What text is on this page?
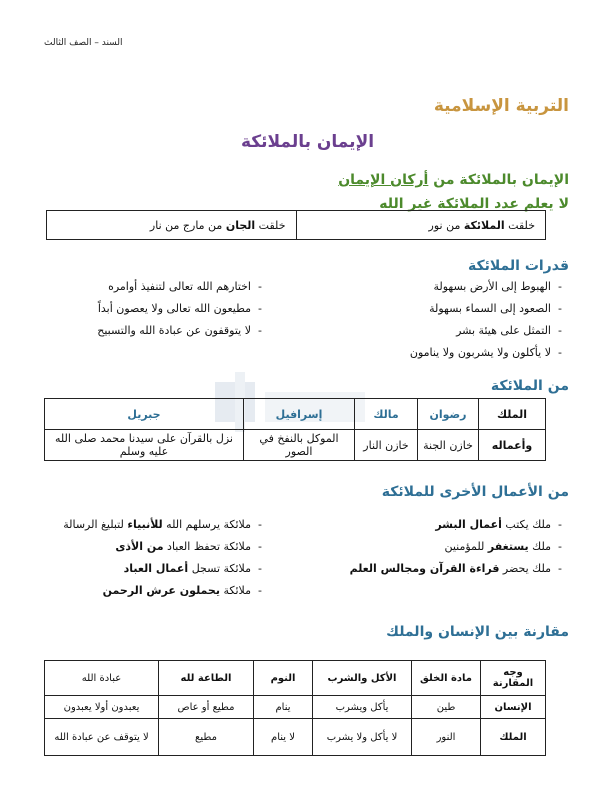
السند – الصف الثالث
التربية الإسلامية
الإيمان بالملائكة
الإيمان بالملائكة من أركان الإيمان
لا يعلم عدد الملائكة غير الله
خلقت الملائكة من نور	خلقت الجان من مارج من نار
قدرات الملائكة
-الهبوط إلى الأرض بسهولة
-الصعود إلى السماء بسهولة
-التمثل على هيئة بشر
-لا يأكلون ولا يشربون ولا ينامون
-اختارهم الله تعالى لتنفيذ أوامره
-مطيعون الله تعالى ولا يعصون أبداً
-لا يتوقفون عن عبادة الله والتسبيح
من الملائكة
الملك	رضوان	مالك	إسرافيل	جبريل
وأعماله	خازن الجنة	خازن النار	الموكل بالنفخ في الصور	نزل بالقرآن على سيدنا محمد صلى الله عليه وسلم
من الأعمال الأخرى للملائكة
-ملك يكتب أعمال البشر
-ملك يستغفر للمؤمنين
-ملك يحضر قراءة القرآن ومجالس العلم
-ملائكة يرسلهم الله للأنبياء لتبليغ الرسالة
-ملائكة تحفظ العباد من الأذى
-ملائكة تسجل أعمال العباد
-ملائكة يحملون عرش الرحمن
مقارنة بين الإنسان والملك
وجه المقارنة	مادة الخلق	الأكل والشرب	النوم	الطاعة لله	عبادة الله
الإنسان	طين	يأكل ويشرب	ينام	مطيع أو عاص	يعبدون أولا يعبدون
الملك	النور	لا يأكل ولا يشرب	لا ينام	مطيع	لا يتوقف عن عبادة الله
